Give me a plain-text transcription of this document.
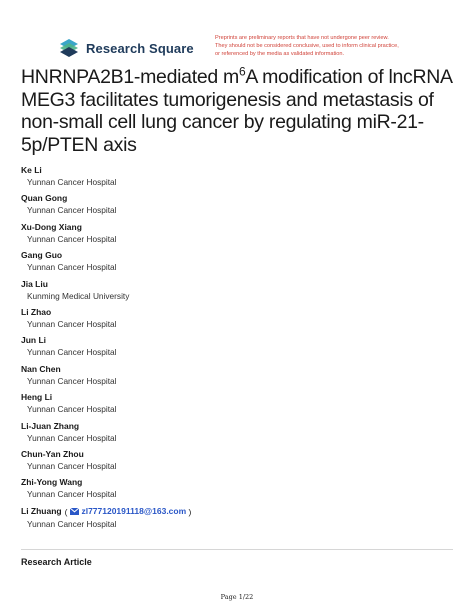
Research Square
Preprints are preliminary reports that have not undergone peer review.
They should not be considered conclusive, used to inform clinical practice,
or referenced by the media as validated information.
HNRNPA2B1-mediated $m^6A$ modification of lncRNA MEG3 facilitates tumorigenesis and metastasis of non-small cell lung cancer by regulating miR-21-5p/PTEN axis
Ke Li
Yunnan Cancer Hospital
Quan Gong
Yunnan Cancer Hospital
Xu-Dong Xiang
Yunnan Cancer Hospital
Gang Guo
Yunnan Cancer Hospital
Jia Liu
Kunming Medical University
Li Zhao
Yunnan Cancer Hospital
Jun Li
Yunnan Cancer Hospital
Nan Chen
Yunnan Cancer Hospital
Heng Li
Yunnan Cancer Hospital
Li-Juan Zhang
Yunnan Cancer Hospital
Chun-Yan Zhou
Yunnan Cancer Hospital
Zhi-Yong Wang
Yunnan Cancer Hospital
Li Zhuang ( zl777120191118@163.com )
Yunnan Cancer Hospital
Research Article
Page 1/22
